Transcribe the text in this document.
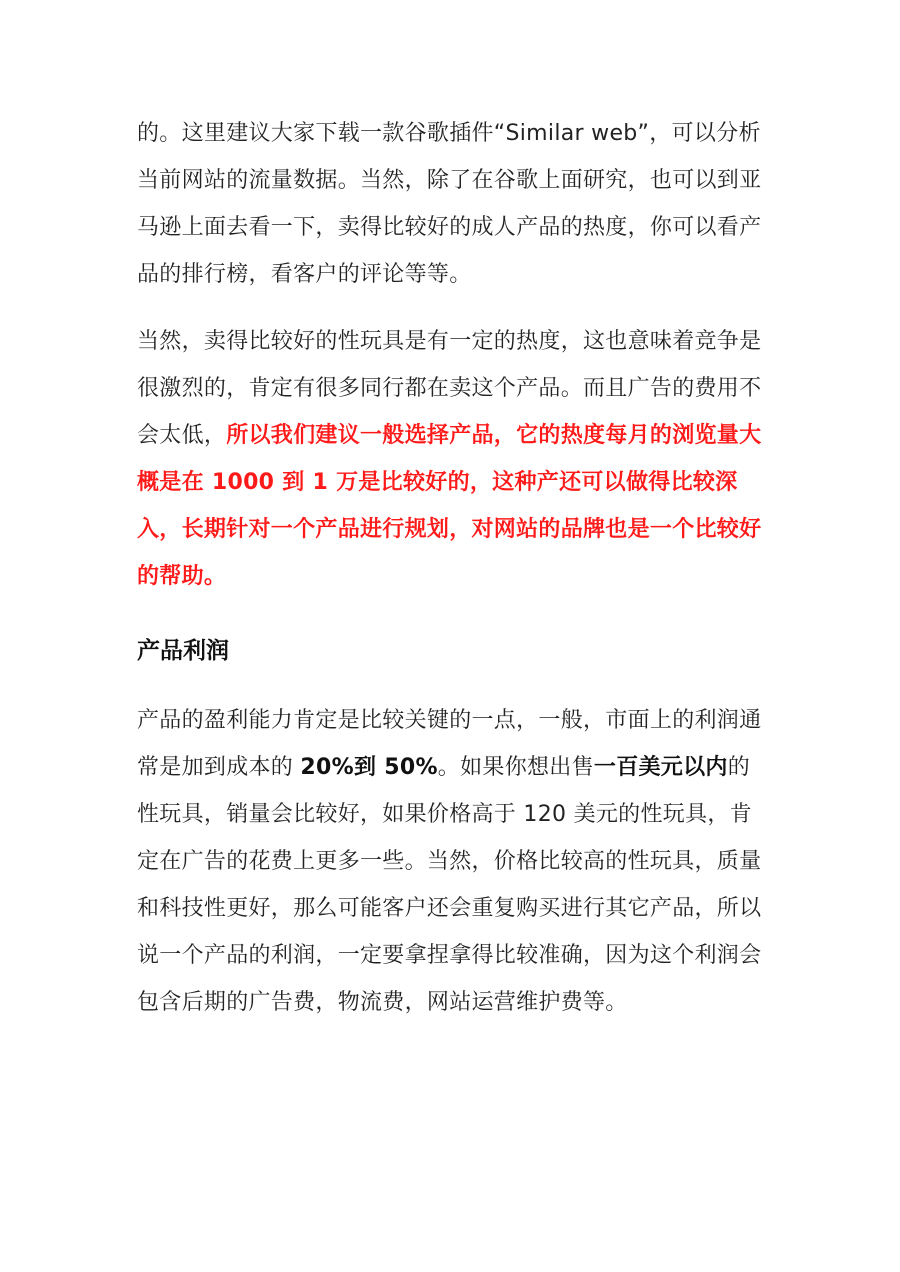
的。这里建议大家下载一款谷歌插件“Similar web”，可以分析当前网站的流量数据。当然，除了在谷歌上面研究，也可以到亚马逊上面去看一下，卖得比较好的成人产品的热度，你可以看产品的排行榜，看客户的评论等等。

当然，卖得比较好的性玩具是有一定的热度，这也意味着竞争是很激烈的，肯定有很多同行都在卖这个产品。而且广告的费用不会太低，所以我们建议一般选择产品，它的热度每月的浏览量大概是在 1000 到 1 万是比较好的，这种产还可以做得比较深入，长期针对一个产品进行规划，对网站的品牌也是一个比较好的帮助。

产品利润

产品的盈利能力肯定是比较关键的一点，一般，市面上的利润通常是加到成本的 20%到 50%。如果你想出售一百美元以内的性玩具，销量会比较好，如果价格高于 120 美元的性玩具，肯定在广告的花费上更多一些。当然，价格比较高的性玩具，质量和科技性更好，那么可能客户还会重复购买进行其它产品，所以说一个产品的利润，一定要拿捏拿得比较准确，因为这个利润会包含后期的广告费，物流费，网站运营维护费等。
